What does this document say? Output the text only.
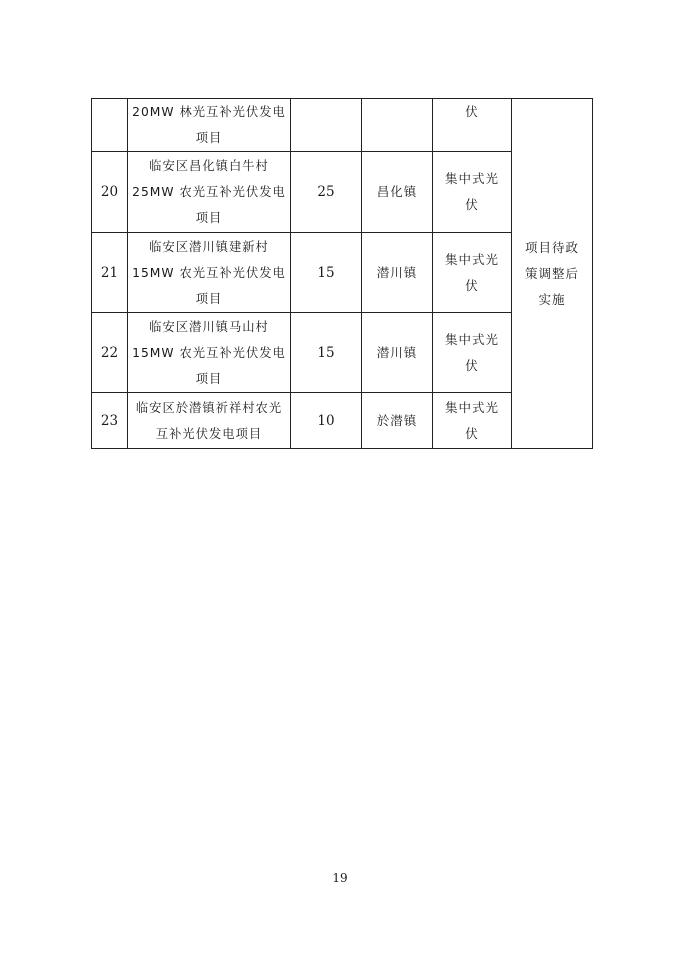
	20MW 林光互补光伏发电
项目			伏	项目待政
策调整后
实施

20	临安区昌化镇白牛村
25MW 农光互补光伏发电
项目	25	昌化镇	集中式光
伏	

21	临安区潜川镇建新村
15MW 农光互补光伏发电
项目	15	潜川镇	集中式光
伏	

22	临安区潜川镇马山村
15MW 农光互补光伏发电
项目	15	潜川镇	集中式光
伏	

23	临安区於潜镇祈祥村农光
互补光伏发电项目	10	於潜镇	集中式光
伏	
19
